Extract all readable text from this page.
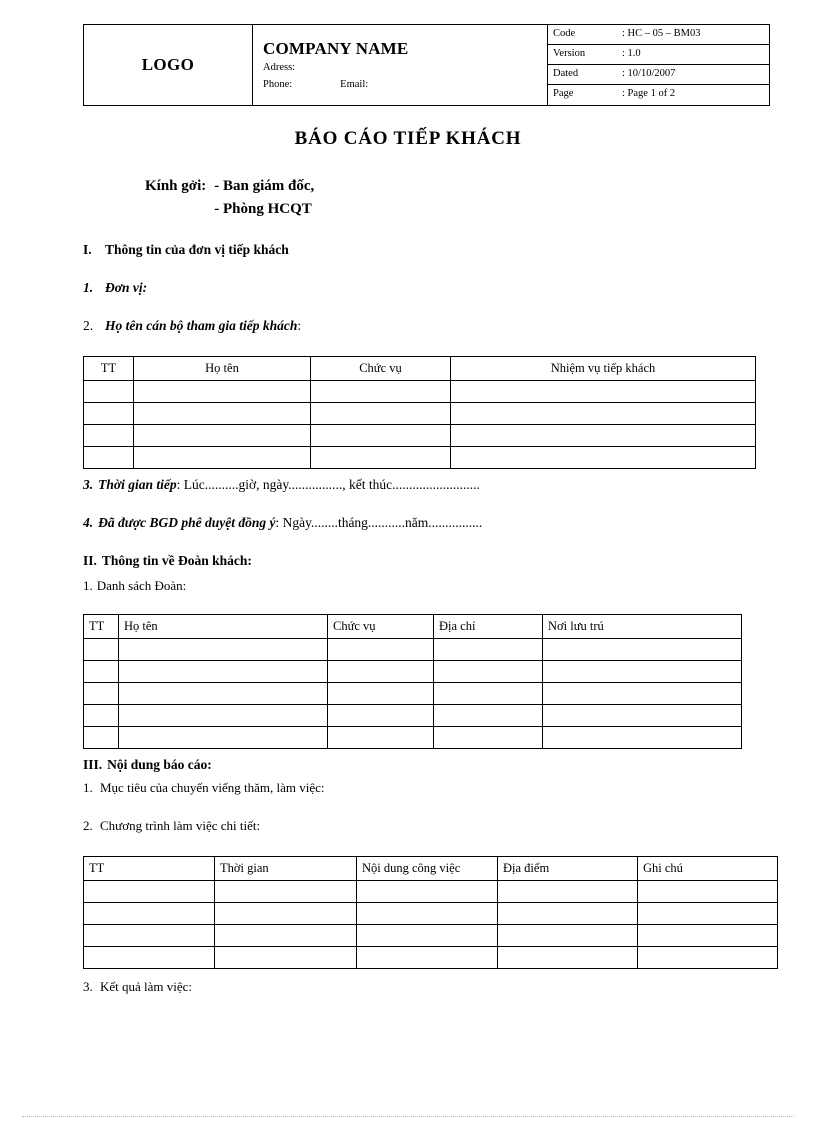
LOGO	
COMPANY NAME
Adress:
Phone:	Email:

Code	: HC – 05 – BM03
Version	: 1.0
Dated	: 10/10/2007
Page	: Page 1 of 2
BÁO CÁO TIẾP KHÁCH
Kính gởi: - Ban giám đốc,
- Phòng HCQT
I. Thông tin của đơn vị tiếp khách
1. Đơn vị:
2. Họ tên cán bộ tham gia tiếp khách:
TT	Họ tên	Chức vụ	Nhiệm vụ tiếp khách

3. Thời gian tiếp: Lúc..........giờ, ngày................, kết thúc..........................
4. Đã được BGD phê duyệt đồng ý: Ngày........tháng...........năm................
II. Thông tin về Đoàn khách:
1. Danh sách Đoàn:
TT	Họ tên	Chức vụ	Địa chỉ	Nơi lưu trú

III. Nội dung báo cáo:
1. Mục tiêu của chuyến viếng thăm, làm việc:
2. Chương trình làm việc chi tiết:
TT	Thời gian	Nội dung công việc	Địa điểm	Ghi chú

3. Kết quả làm việc:
